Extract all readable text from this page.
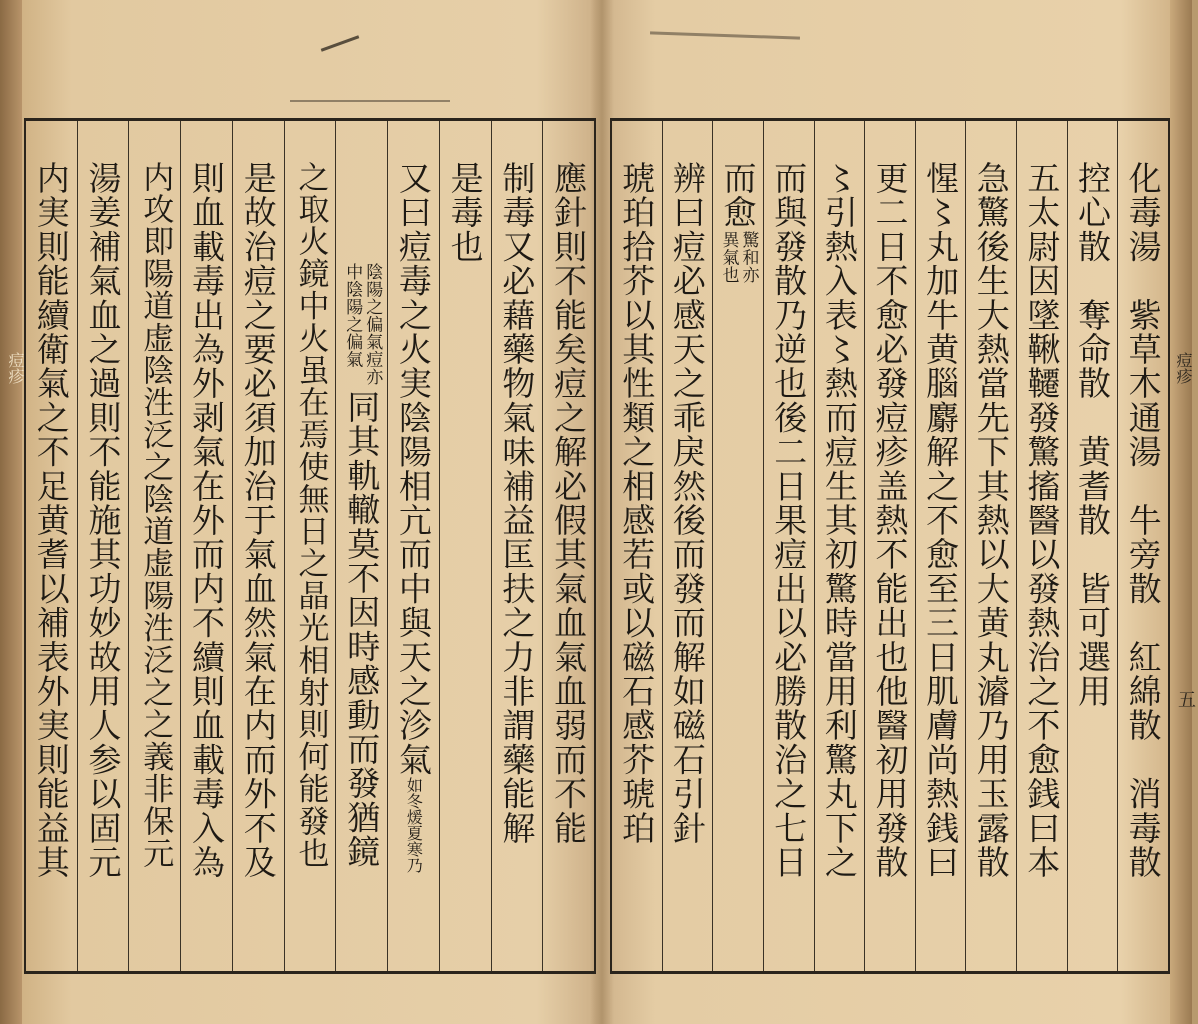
化毒湯　紫草木通湯　牛旁散　紅綿散　消毒散
控心散　奪命散　黄耆散　皆可選用
五太尉因墜鞦韆發驚搐醫以發熱治之不愈銭曰本
急驚後生大熱當先下其熱以大黄丸𤀹乃用玉露散
惺〻丸加牛黄腦麝解之不愈至三日肌膚尚熱銭曰
更二日不愈必發痘疹盖熱不能出也他醫初用發散
〻引熱入表〻熱而痘生其初驚時當用利驚丸下之
而與發散乃逆也後二日果痘出以必勝散治之七日
而愈
驚和亦
異氣也
辨曰痘必感天之乖戾然後而發而解如磁石引針
琥珀拾芥以其性類之相感若或以磁石感芥琥珀	痘疹
五
應針則不能矣痘之解必假其氣血氣血弱而不能
制毒又必藉藥物氣味補益匡扶之力非謂藥能解
是毒也
又曰痘毒之火実陰陽相亢而中與天之沴氣
如冬煖夏寒乃
陰陽之偏氣痘亦
中陰陽之偏氣
同其軌轍莫不因時感動而發猶鏡
之取火鏡中火虽在焉使無日之晶光相射則何能發也
是故治痘之要必須加治于氣血然氣在内而外不及
則血載毒出為外剥氣在外而内不續則血載毒入為
内攻即陽道虚陰泩泛之陰道虚陽泩泛之之義非保元
湯姜補氣血之過則不能施其功妙故用人参以固元
内実則能續衛氣之不足黄耆以補表外実則能益其
痘疹
